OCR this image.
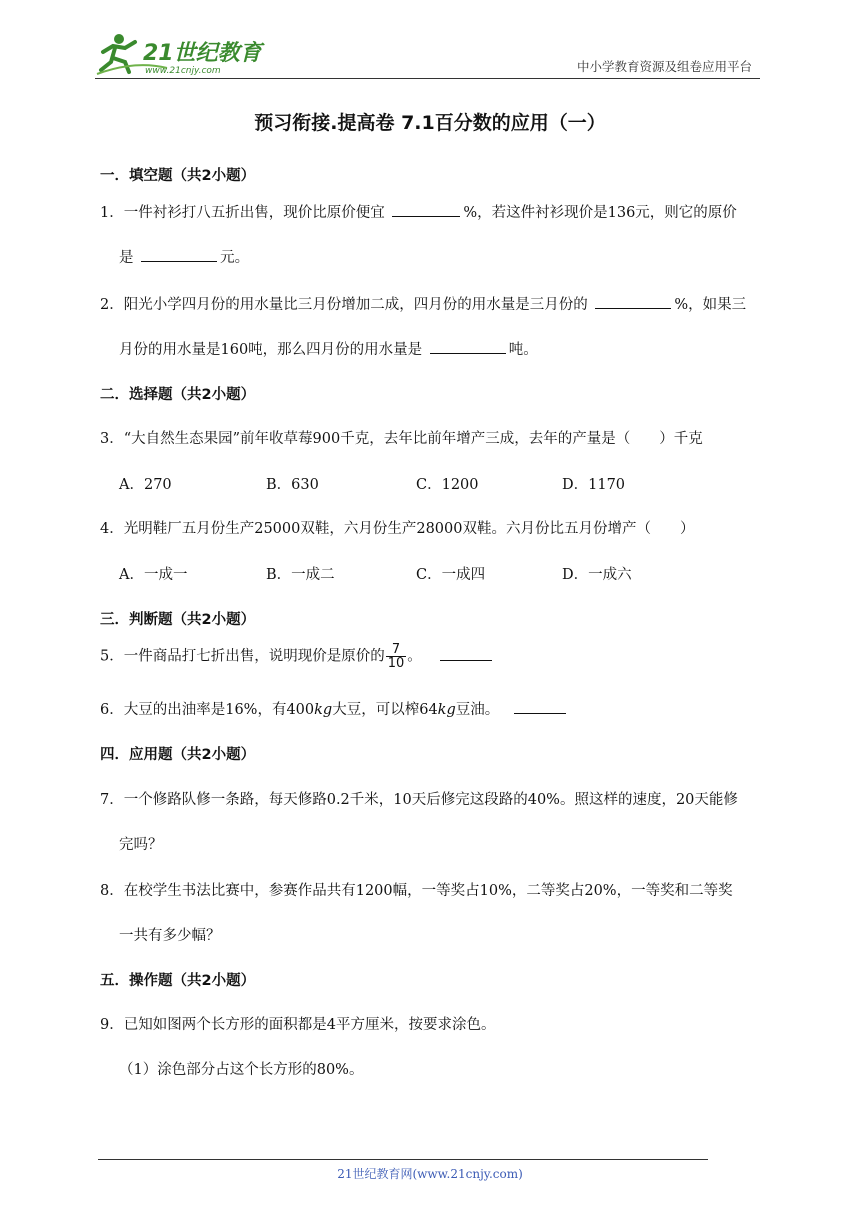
21世纪教育
www.21cnjy.com	中小学教育资源及组卷应用平台
预习衔接.提高卷 7.1百分数的应用（一）
一．填空题（共2小题）
1．一件衬衫打八五折出售，现价比原价便宜	%，若这件衬衫现价是136元，则它的原价
是	元。
2．阳光小学四月份的用水量比三月份增加二成，四月份的用水量是三月份的	%，如果三
月份的用水量是160吨，那么四月份的用水量是	吨。
二．选择题（共2小题）
3．“大自然生态果园”前年收草莓900千克，去年比前年增产三成，去年的产量是（　　）千克
A．270	B．630	C．1200	D．1170
4．光明鞋厂五月份生产25000双鞋，六月份生产28000双鞋。六月份比五月份增产（　　）
A．一成一	B．一成二	C．一成四	D．一成六
三．判断题（共2小题）
5．一件商品打七折出售，说明现价是原价的 $\frac{7}{10}$ 。
6．大豆的出油率是16%，有400kg大豆，可以榨64kg豆油。
四．应用题（共2小题）
7．一个修路队修一条路，每天修路0.2千米，10天后修完这段路的40%。照这样的速度，20天能修
完吗？
8．在校学生书法比赛中，参赛作品共有1200幅，一等奖占10%，二等奖占20%，一等奖和二等奖
一共有多少幅？
五．操作题（共2小题）
9．已知如图两个长方形的面积都是4平方厘米，按要求涂色。
（1）涂色部分占这个长方形的80%。
21世纪教育网(www.21cnjy.com)
